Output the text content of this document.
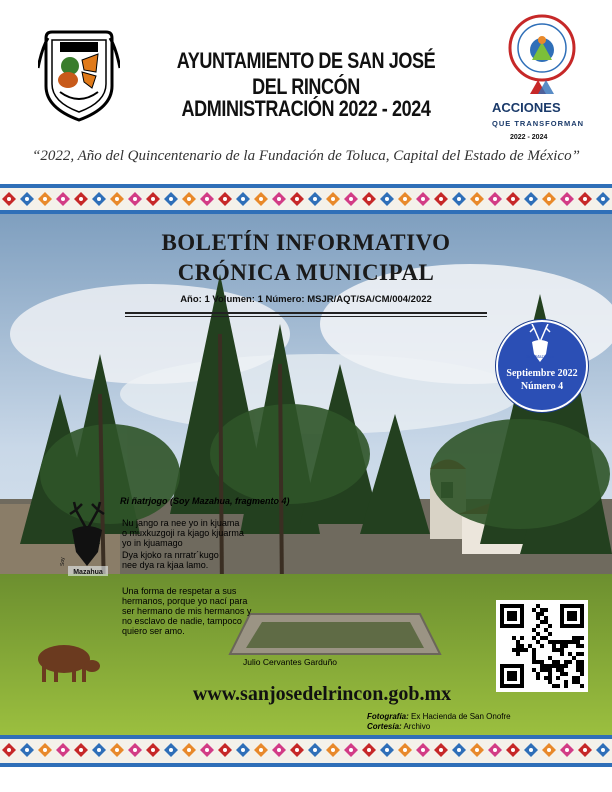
AYUNTAMIENTO DE SAN JOSÉ DEL RINCÓN
ADMINISTRACIÓN 2022 - 2024	ACCIONES
QUE TRANSFORMAN
2022 - 2024
“2022, Año del Quincentenario de la Fundación de Toluca, Capital del Estado de México”
BOLETÍN INFORMATIVO
CRÓNICA MUNICIPAL
Año: 1 Volumen: 1 Número: MSJR/AQT/SA/CM/004/2022
Soy Mazahua
Septiembre 2022
Número 4
Mazahua
Soy
Ri ñatrjogo (Soy Mazahua, fragmento 4)
Nu jango ra nee yo in kjuama
o muxkuzgoji ra kjago kjuarma
yo in kjuamago
Dya kjoko ra nrratr´kugo
nee dya ra kjaa lamo.
Una forma de respetar a sus
hermanos, porque yo nací para
ser hermano de mis hermanos y
no esclavo de nadie, tampoco
quiero ser amo.
Julio Cervantes Garduño
www.sanjosedelrincon.gob.mx
Fotografía: Ex Hacienda de San Onofre
Cortesía: Archivo
